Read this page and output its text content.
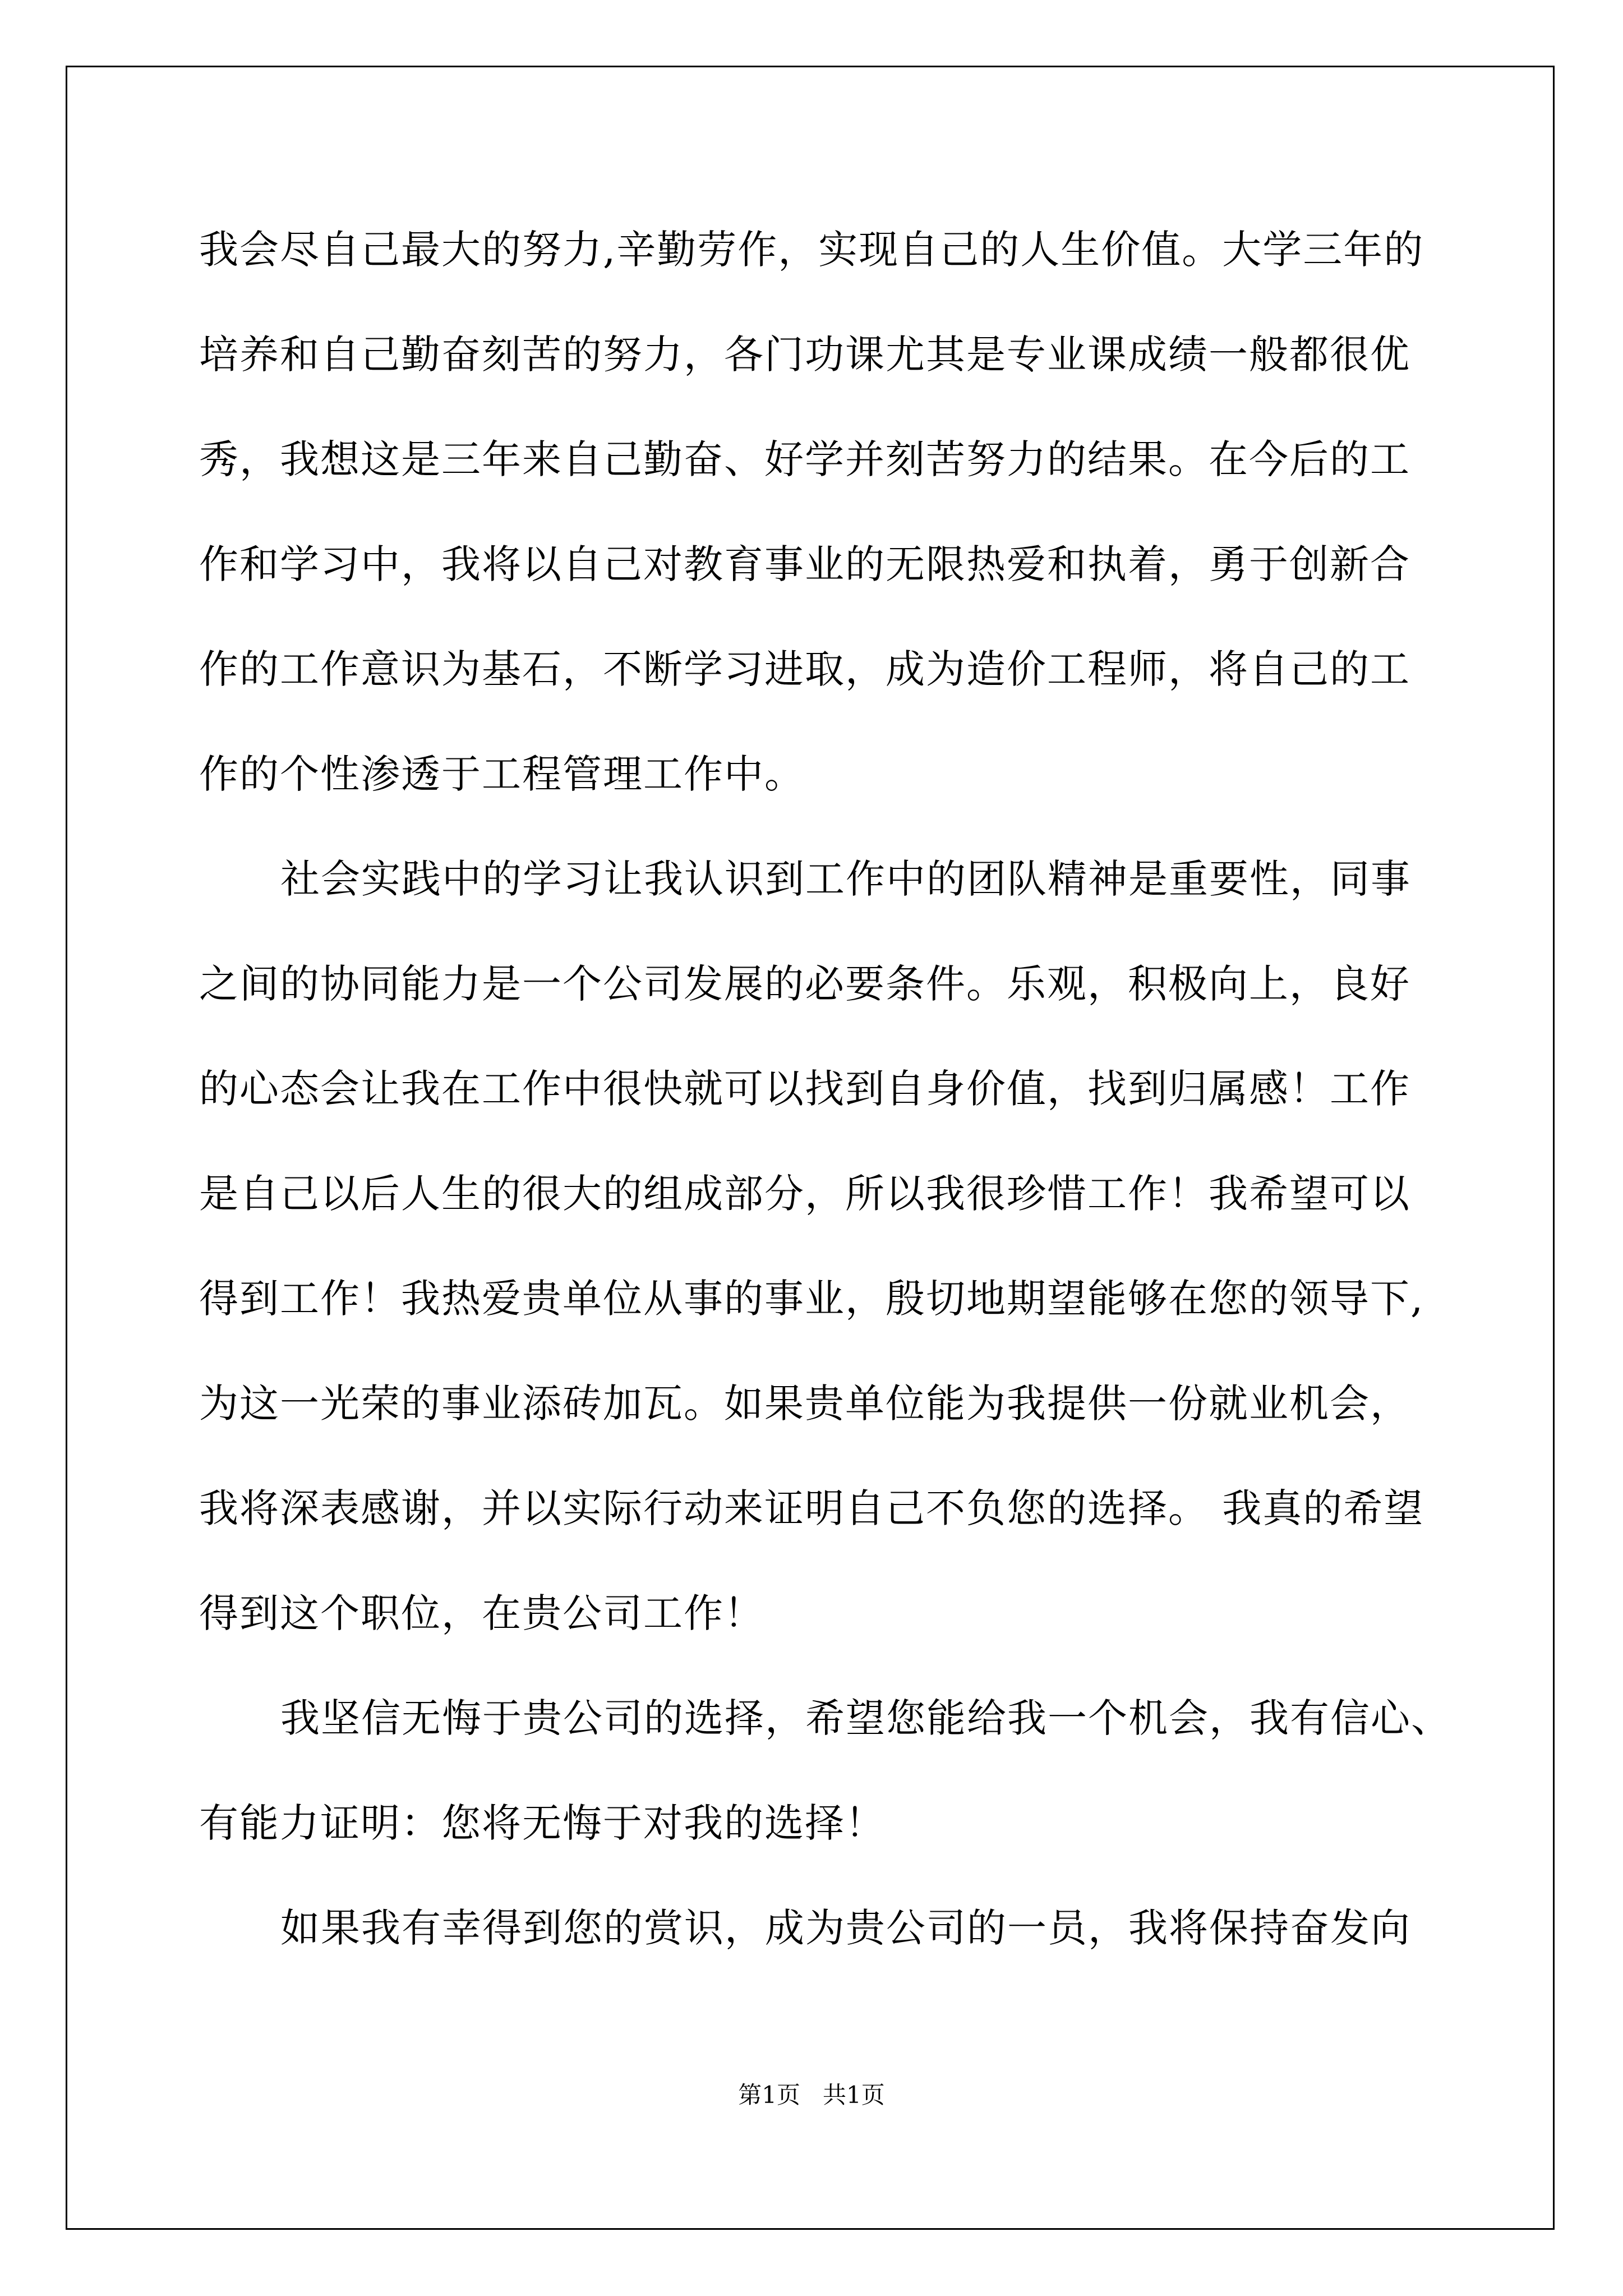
我会尽自己最大的努力,辛勤劳作，实现自己的人生价值。大学三年的
培养和自己勤奋刻苦的努力，各门功课尤其是专业课成绩一般都很优
秀，我想这是三年来自己勤奋、好学并刻苦努力的结果。在今后的工
作和学习中，我将以自己对教育事业的无限热爱和执着，勇于创新合
作的工作意识为基石，不断学习进取，成为造价工程师，将自己的工
作的个性渗透于工程管理工作中。
社会实践中的学习让我认识到工作中的团队精神是重要性，同事
之间的协同能力是一个公司发展的必要条件。乐观，积极向上，良好
的心态会让我在工作中很快就可以找到自身价值，找到归属感！工作
是自己以后人生的很大的组成部分，所以我很珍惜工作！我希望可以
得到工作！我热爱贵单位从事的事业，殷切地期望能够在您的领导下,
为这一光荣的事业添砖加瓦。如果贵单位能为我提供一份就业机会，
我将深表感谢，并以实际行动来证明自己不负您的选择。 我真的希望
得到这个职位，在贵公司工作！
我坚信无悔于贵公司的选择，希望您能给我一个机会，我有信心、
有能力证明：您将无悔于对我的选择！
如果我有幸得到您的赏识，成为贵公司的一员，我将保持奋发向
第1页   共1页
